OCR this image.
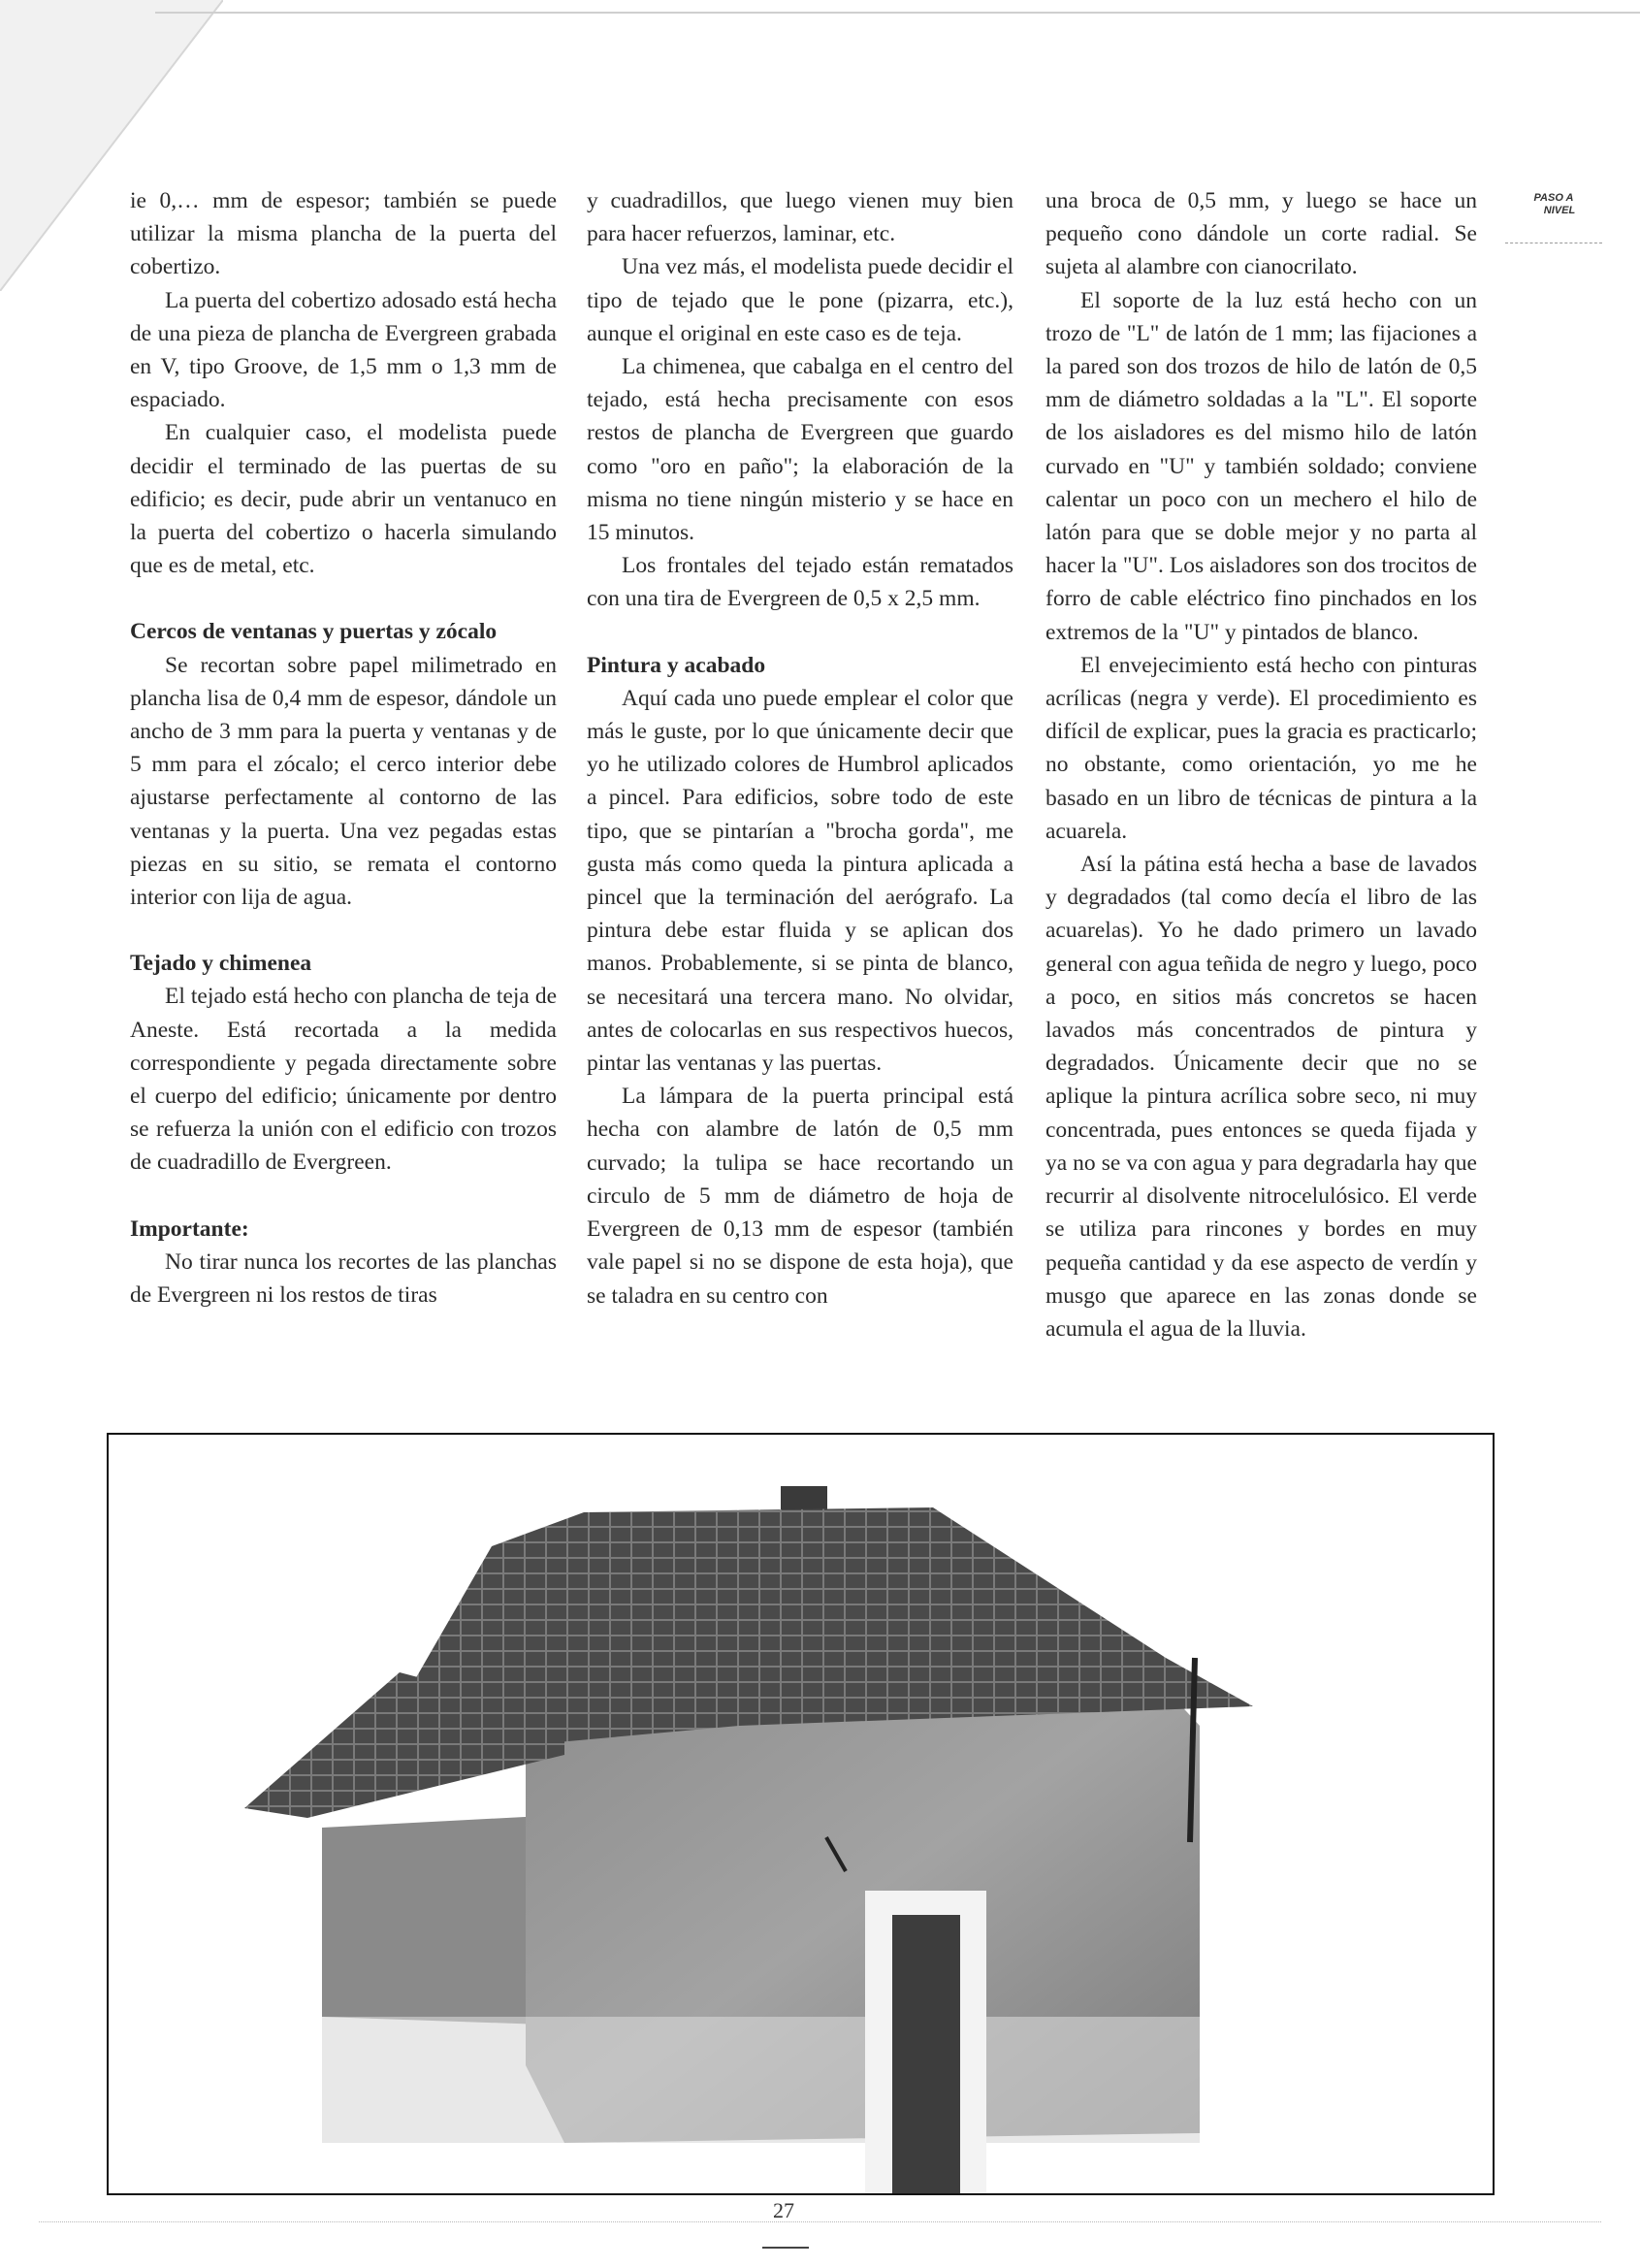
PASO A
NIVEL

ie 0,… mm de espesor; también se puede utilizar la misma plancha de la puerta del cobertizo.

La puerta del cobertizo adosado está hecha de una pieza de plancha de Evergreen grabada en V, tipo Groove, de 1,5 mm o 1,3 mm de espaciado.

En cualquier caso, el modelista puede decidir el terminado de las puertas de su edificio; es decir, pude abrir un ventanuco en la puerta del cobertizo o hacerla simulando que es de metal, etc.

Cercos de ventanas y puertas y zócalo

Se recortan sobre papel milimetrado en plancha lisa de 0,4 mm de espesor, dándole un ancho de 3 mm para la puerta y ventanas y de 5 mm para el zócalo; el cerco interior debe ajustarse perfectamente al contorno de las ventanas y la puerta. Una vez pegadas estas piezas en su sitio, se remata el contorno interior con lija de agua.

Tejado y chimenea

El tejado está hecho con plancha de teja de Aneste. Está recortada a la medida correspondiente y pegada directamente sobre el cuerpo del edificio; únicamente por dentro se refuerza la unión con el edificio con trozos de cuadradillo de Evergreen.

Importante:

No tirar nunca los recortes de las planchas de Evergreen ni los restos de tiras

y cuadradillos, que luego vienen muy bien para hacer refuerzos, laminar, etc.

Una vez más, el modelista puede decidir el tipo de tejado que le pone (pizarra, etc.), aunque el original en este caso es de teja.

La chimenea, que cabalga en el centro del tejado, está hecha precisamente con esos restos de plancha de Evergreen que guardo como "oro en paño"; la elaboración de la misma no tiene ningún misterio y se hace en 15 minutos.

Los frontales del tejado están rematados con una tira de Evergreen de 0,5 x 2,5 mm.

Pintura y acabado

Aquí cada uno puede emplear el color que más le guste, por lo que únicamente decir que yo he utilizado colores de Humbrol aplicados a pincel. Para edificios, sobre todo de este tipo, que se pintarían a "brocha gorda", me gusta más como queda la pintura aplicada a pincel que la terminación del aerógrafo. La pintura debe estar fluida y se aplican dos manos. Probablemente, si se pinta de blanco, se necesitará una tercera mano. No olvidar, antes de colocarlas en sus respectivos huecos, pintar las ventanas y las puertas.

La lámpara de la puerta principal está hecha con alambre de latón de 0,5 mm curvado; la tulipa se hace recortando un circulo de 5 mm de diámetro de hoja de Evergreen de 0,13 mm de espesor (también vale papel si no se dispone de esta hoja), que se taladra en su centro con

una broca de 0,5 mm, y luego se hace un pequeño cono dándole un corte radial. Se sujeta al alambre con cianocrilato.

El soporte de la luz está hecho con un trozo de "L" de latón de 1 mm; las fijaciones a la pared son dos trozos de hilo de latón de 0,5 mm de diámetro soldadas a la "L". El soporte de los aisladores es del mismo hilo de latón curvado en "U" y también soldado; conviene calentar un poco con un mechero el hilo de latón para que se doble mejor y no parta al hacer la "U". Los aisladores son dos trocitos de forro de cable eléctrico fino pinchados en los extremos de la "U" y pintados de blanco.

El envejecimiento está hecho con pinturas acrílicas (negra y verde). El procedimiento es difícil de explicar, pues la gracia es practicarlo; no obstante, como orientación, yo me he basado en un libro de técnicas de pintura a la acuarela.

Así la pátina está hecha a base de lavados y degradados (tal como decía el libro de las acuarelas). Yo he dado primero un lavado general con agua teñida de negro y luego, poco a poco, en sitios más concretos se hacen lavados más concentrados de pintura y degradados. Únicamente decir que no se aplique la pintura acrílica sobre seco, ni muy concentrada, pues entonces se queda fijada y ya no se va con agua y para degradarla hay que recurrir al disolvente nitrocelulósico. El verde se utiliza para rincones y bordes en muy pequeña cantidad y da ese aspecto de verdín y musgo que aparece en las zonas donde se acumula el agua de la lluvia.

27
